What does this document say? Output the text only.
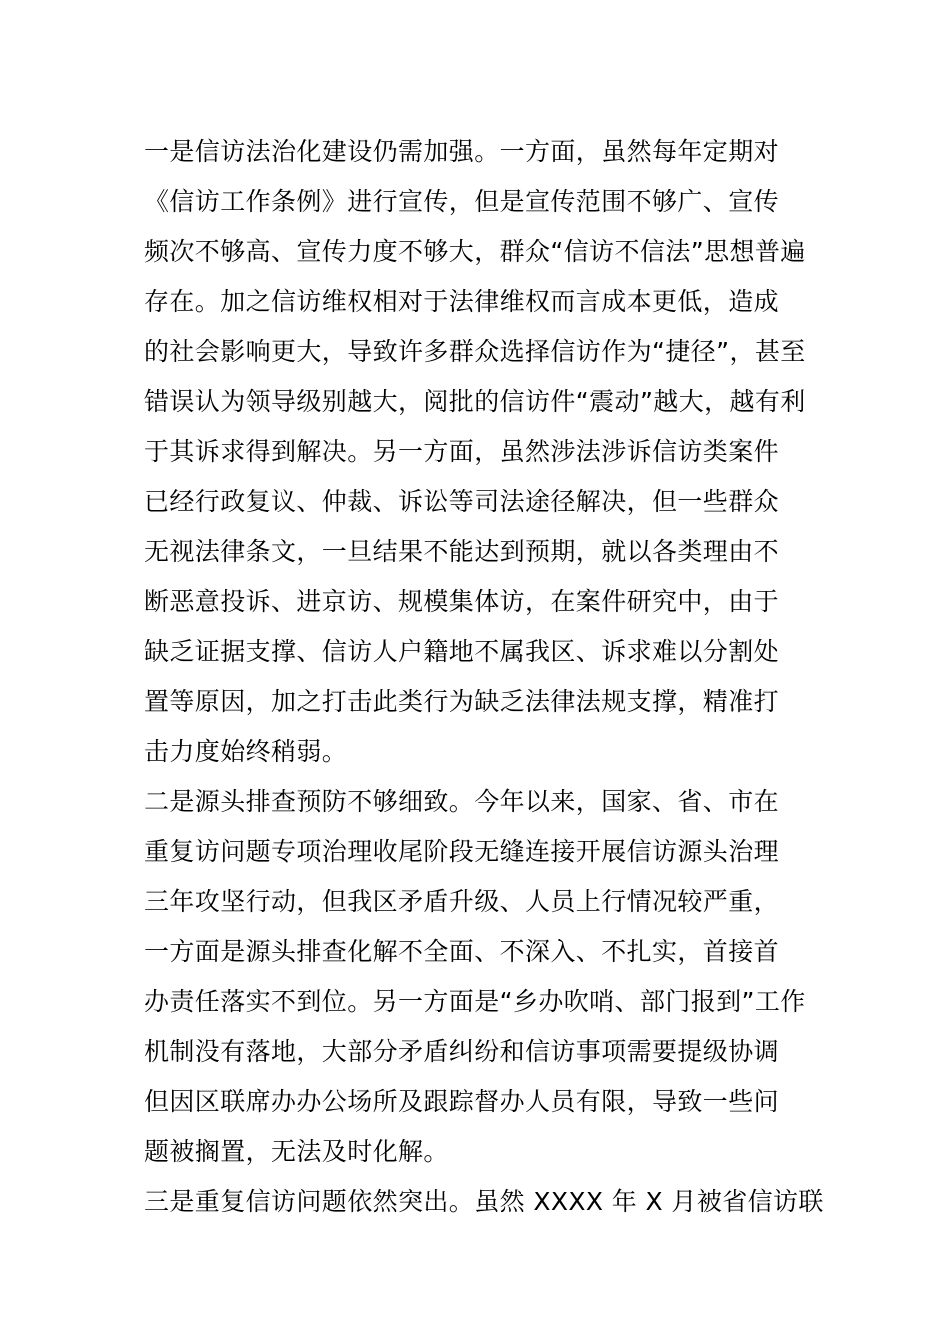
一是信访法治化建设仍需加强。一方面，虽然每年定期对
《信访工作条例》进行宣传，但是宣传范围不够广、宣传
频次不够高、宣传力度不够大，群众“信访不信法”思想普遍
存在。加之信访维权相对于法律维权而言成本更低，造成
的社会影响更大，导致许多群众选择信访作为“捷径”，甚至
错误认为领导级别越大，阅批的信访件“震动”越大，越有利
于其诉求得到解决。另一方面，虽然涉法涉诉信访类案件
已经行政复议、仲裁、诉讼等司法途径解决，但一些群众
无视法律条文，一旦结果不能达到预期，就以各类理由不
断恶意投诉、进京访、规模集体访，在案件研究中，由于
缺乏证据支撑、信访人户籍地不属我区、诉求难以分割处
置等原因，加之打击此类行为缺乏法律法规支撑，精准打
击力度始终稍弱。
二是源头排查预防不够细致。今年以来，国家、省、市在
重复访问题专项治理收尾阶段无缝连接开展信访源头治理
三年攻坚行动，但我区矛盾升级、人员上行情况较严重，
一方面是源头排查化解不全面、不深入、不扎实，首接首
办责任落实不到位。另一方面是“乡办吹哨、部门报到”工作
机制没有落地，大部分矛盾纠纷和信访事项需要提级协调
但因区联席办办公场所及跟踪督办人员有限，导致一些问
题被搁置，无法及时化解。
三是重复信访问题依然突出。虽然 XXXX 年 X 月被省信访联
